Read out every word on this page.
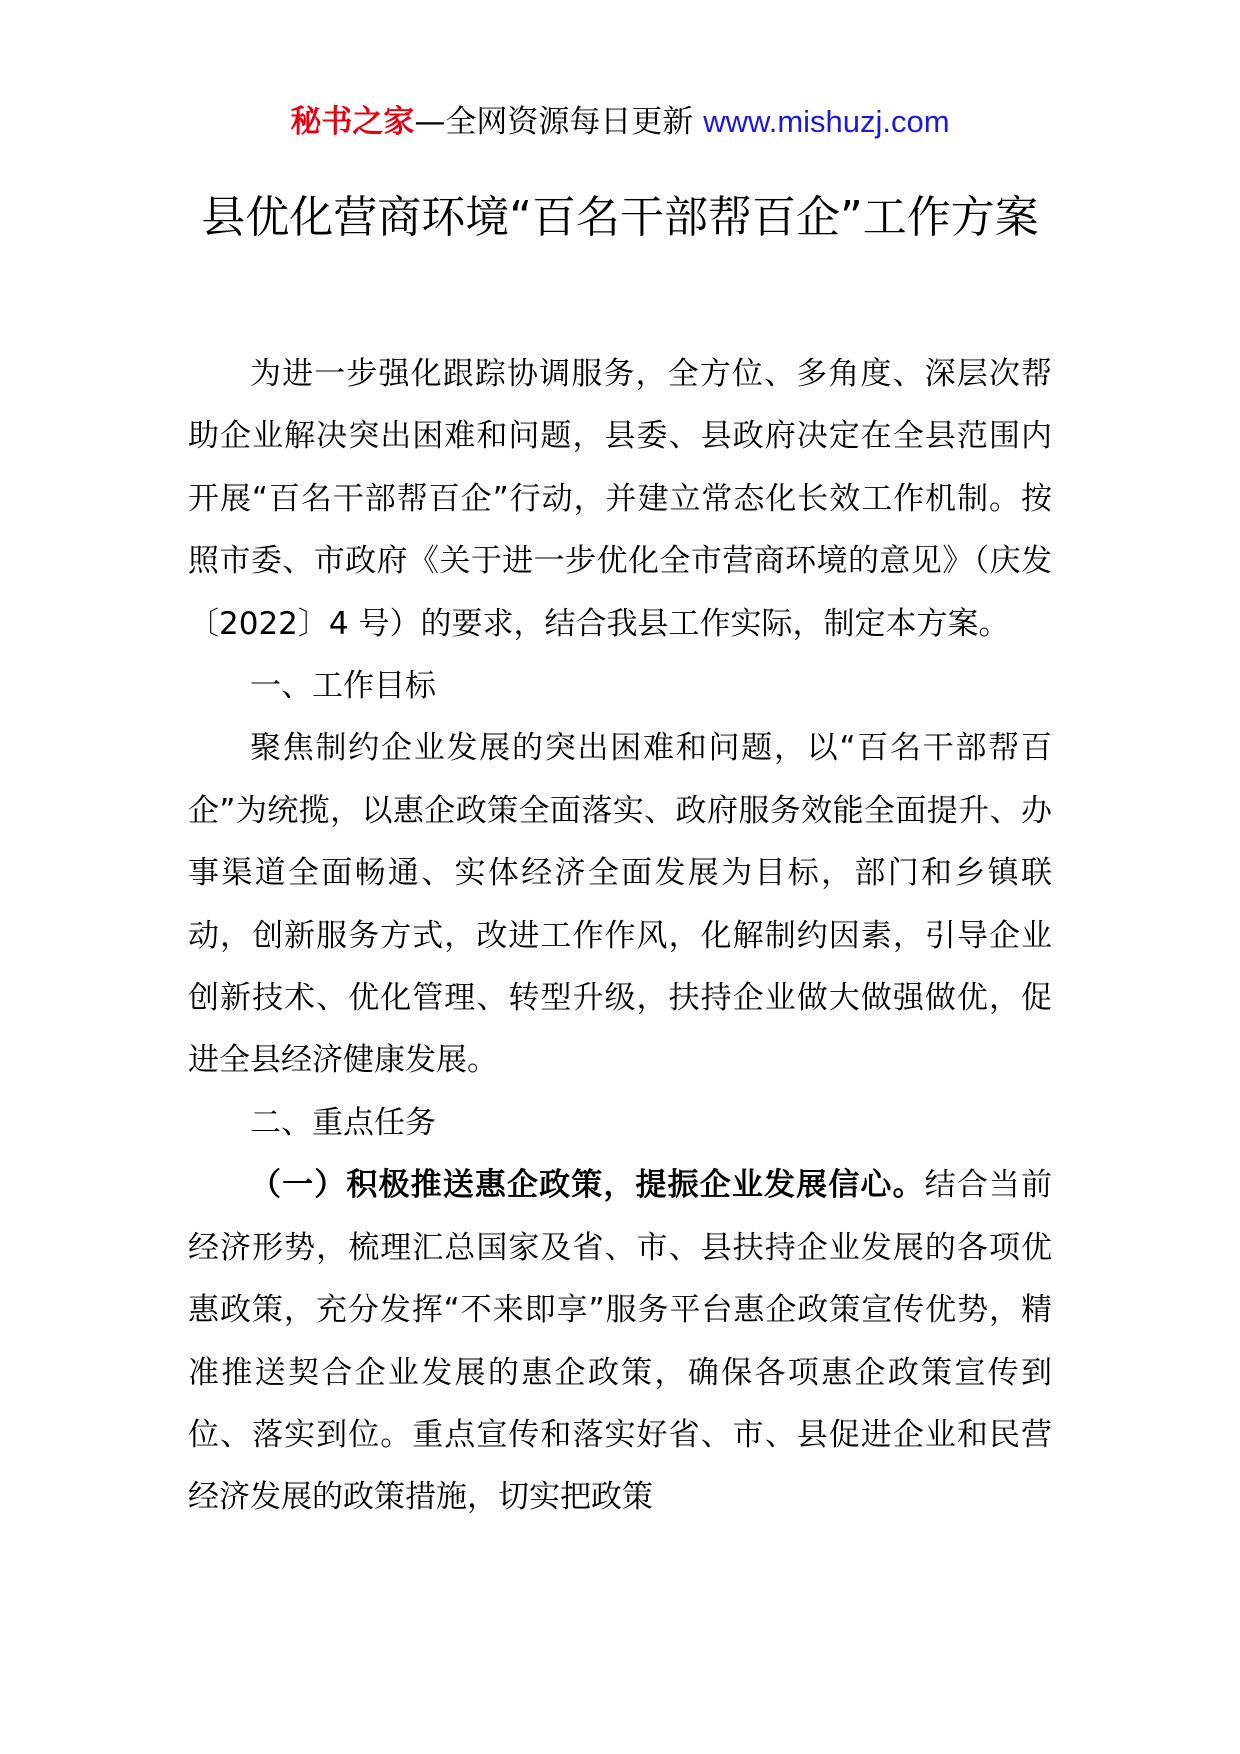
秘书之家—全网资源每日更新 www.mishuzj.com
县优化营商环境“百名干部帮百企”工作方案

为进一步强化跟踪协调服务，全方位、多角度、深层次帮助企业解决突出困难和问题，县委、县政府决定在全县范围内开展“百名干部帮百企”行动，并建立常态化长效工作机制。按照市委、市政府《关于进一步优化全市营商环境的意见》（庆发〔2022〕4 号）的要求，结合我县工作实际，制定本方案。

一、工作目标

聚焦制约企业发展的突出困难和问题，以“百名干部帮百企”为统揽，以惠企政策全面落实、政府服务效能全面提升、办事渠道全面畅通、实体经济全面发展为目标，部门和乡镇联动，创新服务方式，改进工作作风，化解制约因素，引导企业创新技术、优化管理、转型升级，扶持企业做大做强做优，促进全县经济健康发展。

二、重点任务

（一）积极推送惠企政策，提振企业发展信心。结合当前经济形势，梳理汇总国家及省、市、县扶持企业发展的各项优惠政策，充分发挥“不来即享”服务平台惠企政策宣传优势，精准推送契合企业发展的惠企政策，确保各项惠企政策宣传到位、落实到位。重点宣传和落实好省、市、县促进企业和民营经济发展的政策措施，切实把政策
